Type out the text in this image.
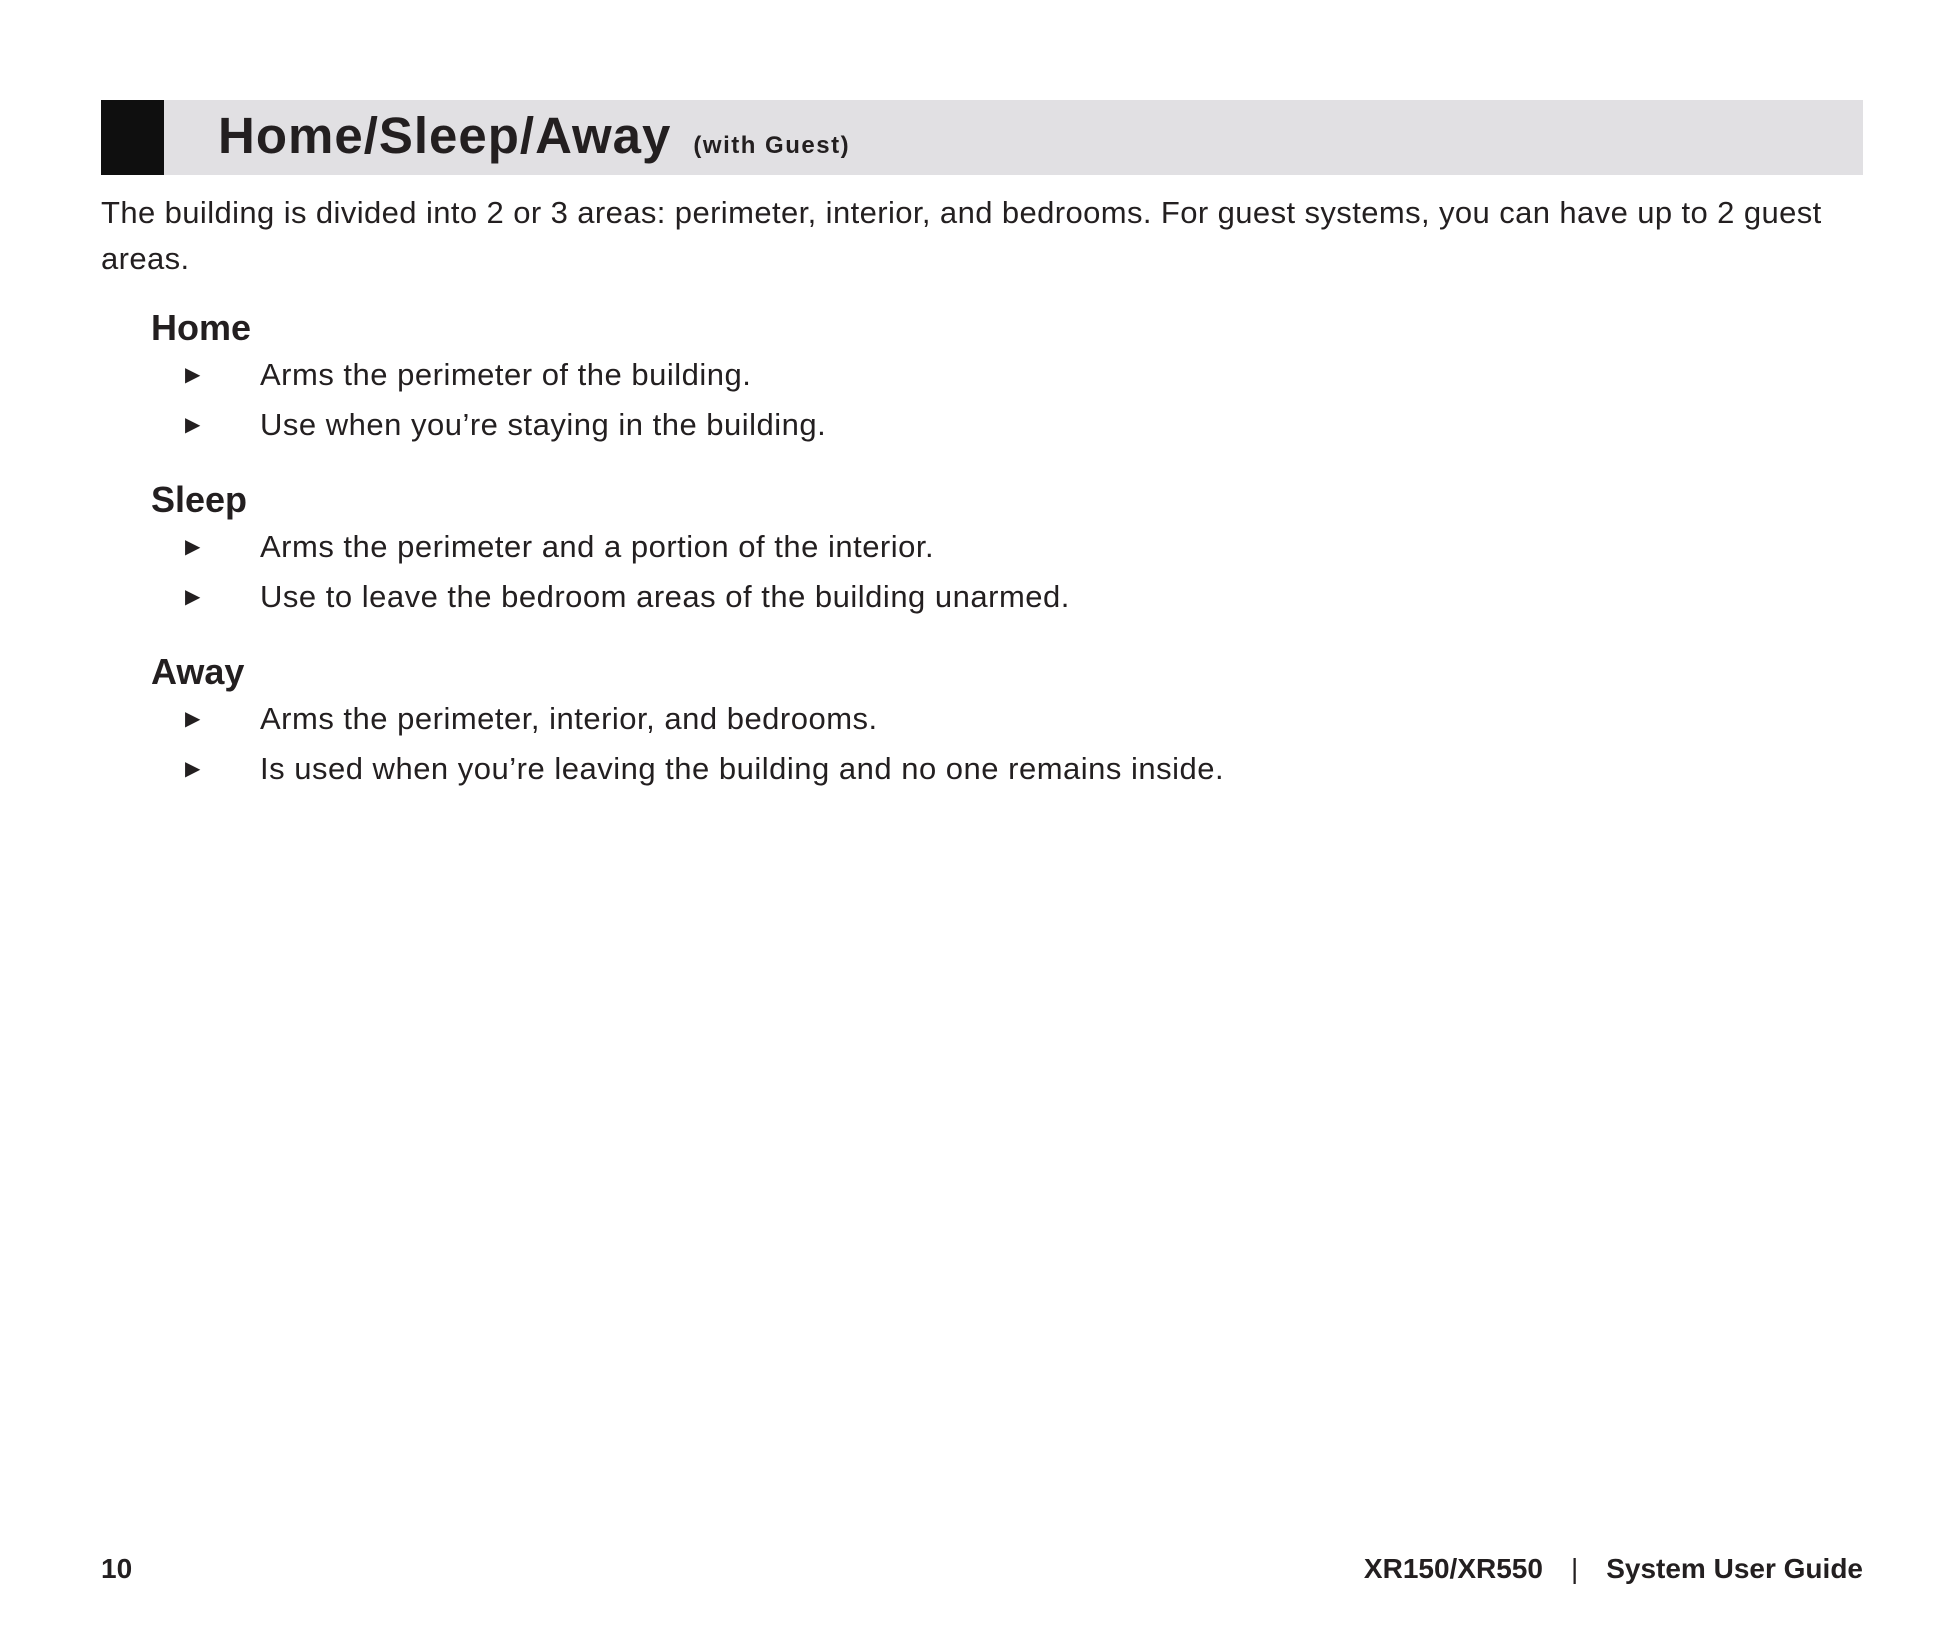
Home/Sleep/Away (with Guest)

The building is divided into 2 or 3 areas: perimeter, interior, and bedrooms. For guest systems, you can have up to 2 guest areas.

Home
▶ Arms the perimeter of the building.
▶ Use when you’re staying in the building.
Sleep
▶ Arms the perimeter and a portion of the interior.
▶ Use to leave the bedroom areas of the building unarmed.
Away
▶ Arms the perimeter, interior, and bedrooms.
▶ Is used when you’re leaving the building and no one remains inside.
10	XR150/XR550 | System User Guide
